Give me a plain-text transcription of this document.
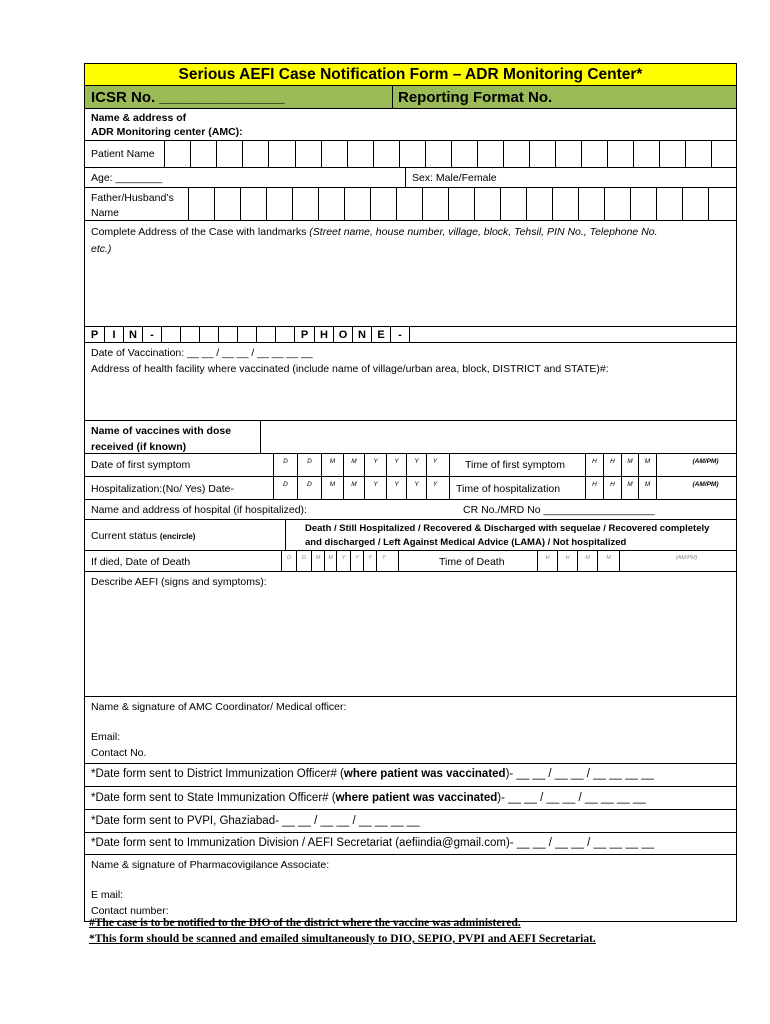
Serious AEFI Case Notification Form – ADR Monitoring Center*
ICSR No. _______________	Reporting Format No.
Name & address of
ADR Monitoring center (AMC):
Patient Name
Age: ________	Sex: Male/Female
Father/Husband’s
Name
Complete Address of the Case with landmarks (Street name, house number, village, block, Tehsil, PIN No., Telephone No.
etc.)
P	I	N	-	P	H O N	E	-
Date of Vaccination: __ __ / __ __ / __ __ __ __
Address of health facility where vaccinated (include name of village/urban area, block, DISTRICT and STATE)#:
Name of vaccines with dose
received (if known)
Date of first symptom	D	D	M	M	Y	Y	Y	Y	Time of first symptom	H	H	M	M	(AM/PM)
Hospitalization:(No/ Yes) Date-	D	D	M	M	Y	Y	Y	Y	Time of hospitalization	H	H	M	M	(AM/PM)
Name and address of hospital (if hospitalized):	CR No./MRD No ___________________
Current status (encircle)
Death / Still Hospitalized / Recovered & Discharged with sequelae / Recovered completely
and discharged / Left Against Medical Advice (LAMA) / Not hospitalized
If died, Date of Death	D	D	M	M	Y	Y	Y	Y	Time of Death	H	H	M	M	(AM/PM)
Describe AEFI (signs and symptoms):
Name & signature of AMC Coordinator/ Medical officer:
Email:
Contact No.
*Date form sent to District Immunization Officer# (where patient was vaccinated)- __ __ / __ __ / __ __ __ __
*Date form sent to State Immunization Officer# (where patient was vaccinated)- __ __ / __ __ / __ __ __ __
*Date form sent to PVPI, Ghaziabad- __ __ / __ __ / __ __ __ __
*Date form sent to Immunization Division / AEFI Secretariat (aefiindia@gmail.com)- __ __ / __ __ / __ __ __ __
Name & signature of Pharmacovigilance Associate:
E mail:
Contact number:
#The case is to be notified to the DIO of the district where the vaccine was administered.
*This form should be scanned and emailed simultaneously to DIO, SEPIO, PVPI and AEFI Secretariat.
